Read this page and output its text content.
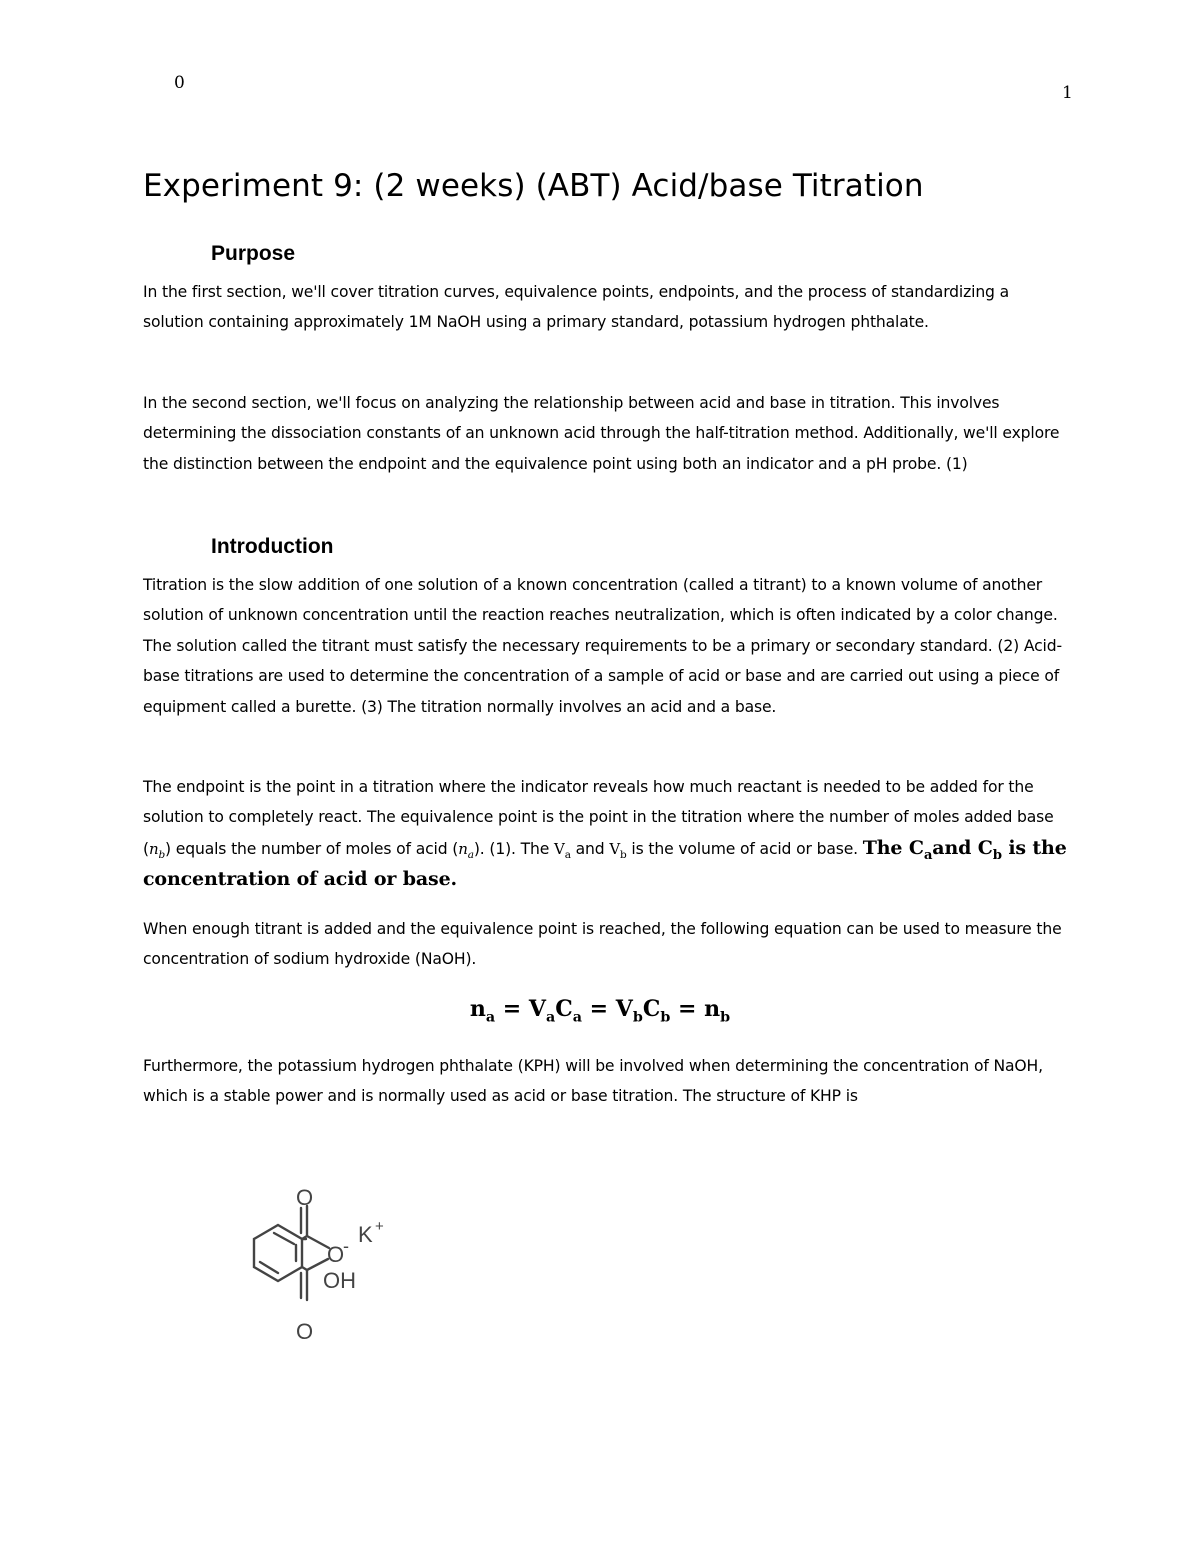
0	1
Experiment 9: (2 weeks) (ABT) Acid/base Titration
Purpose

In the first section, we'll cover titration curves, equivalence points, endpoints, and the process of standardizing a solution containing approximately 1M NaOH using a primary standard, potassium hydrogen phthalate.

In the second section, we'll focus on analyzing the relationship between acid and base in titration. This involves determining the dissociation constants of an unknown acid through the half-titration method. Additionally, we'll explore the distinction between the endpoint and the equivalence point using both an indicator and a pH probe. (1)

Introduction

Titration is the slow addition of one solution of a known concentration (called a titrant) to a known volume of another solution of unknown concentration until the reaction reaches neutralization, which is often indicated by a color change. The solution called the titrant must satisfy the necessary requirements to be a primary or secondary standard. (2) Acid-base titrations are used to determine the concentration of a sample of acid or base and are carried out using a piece of equipment called a burette. (3) The titration normally involves an acid and a base.

The endpoint is the point in a titration where the indicator reveals how much reactant is needed to be added for the solution to completely react. The equivalence point is the point in the titration where the number of moles added base $(n_b)$ equals the number of moles of acid $(n_a)$. (1). The $V_a$ and $V_b$ is the volume of acid or base. The $C_aand$ $C_b$ is the concentration of acid or base.

When enough titrant is added and the equivalence point is reached, the following equation can be used to measure the concentration of sodium hydroxide (NaOH).

$n_a = V_aC_a = V_bC_b = n_b$

Furthermore, the potassium hydrogen phthalate (KPH) will be involved when determining the concentration of NaOH, which is a stable power and is normally used as acid or base titration. The structure of KHP is

O
O
- K +
OH
O
